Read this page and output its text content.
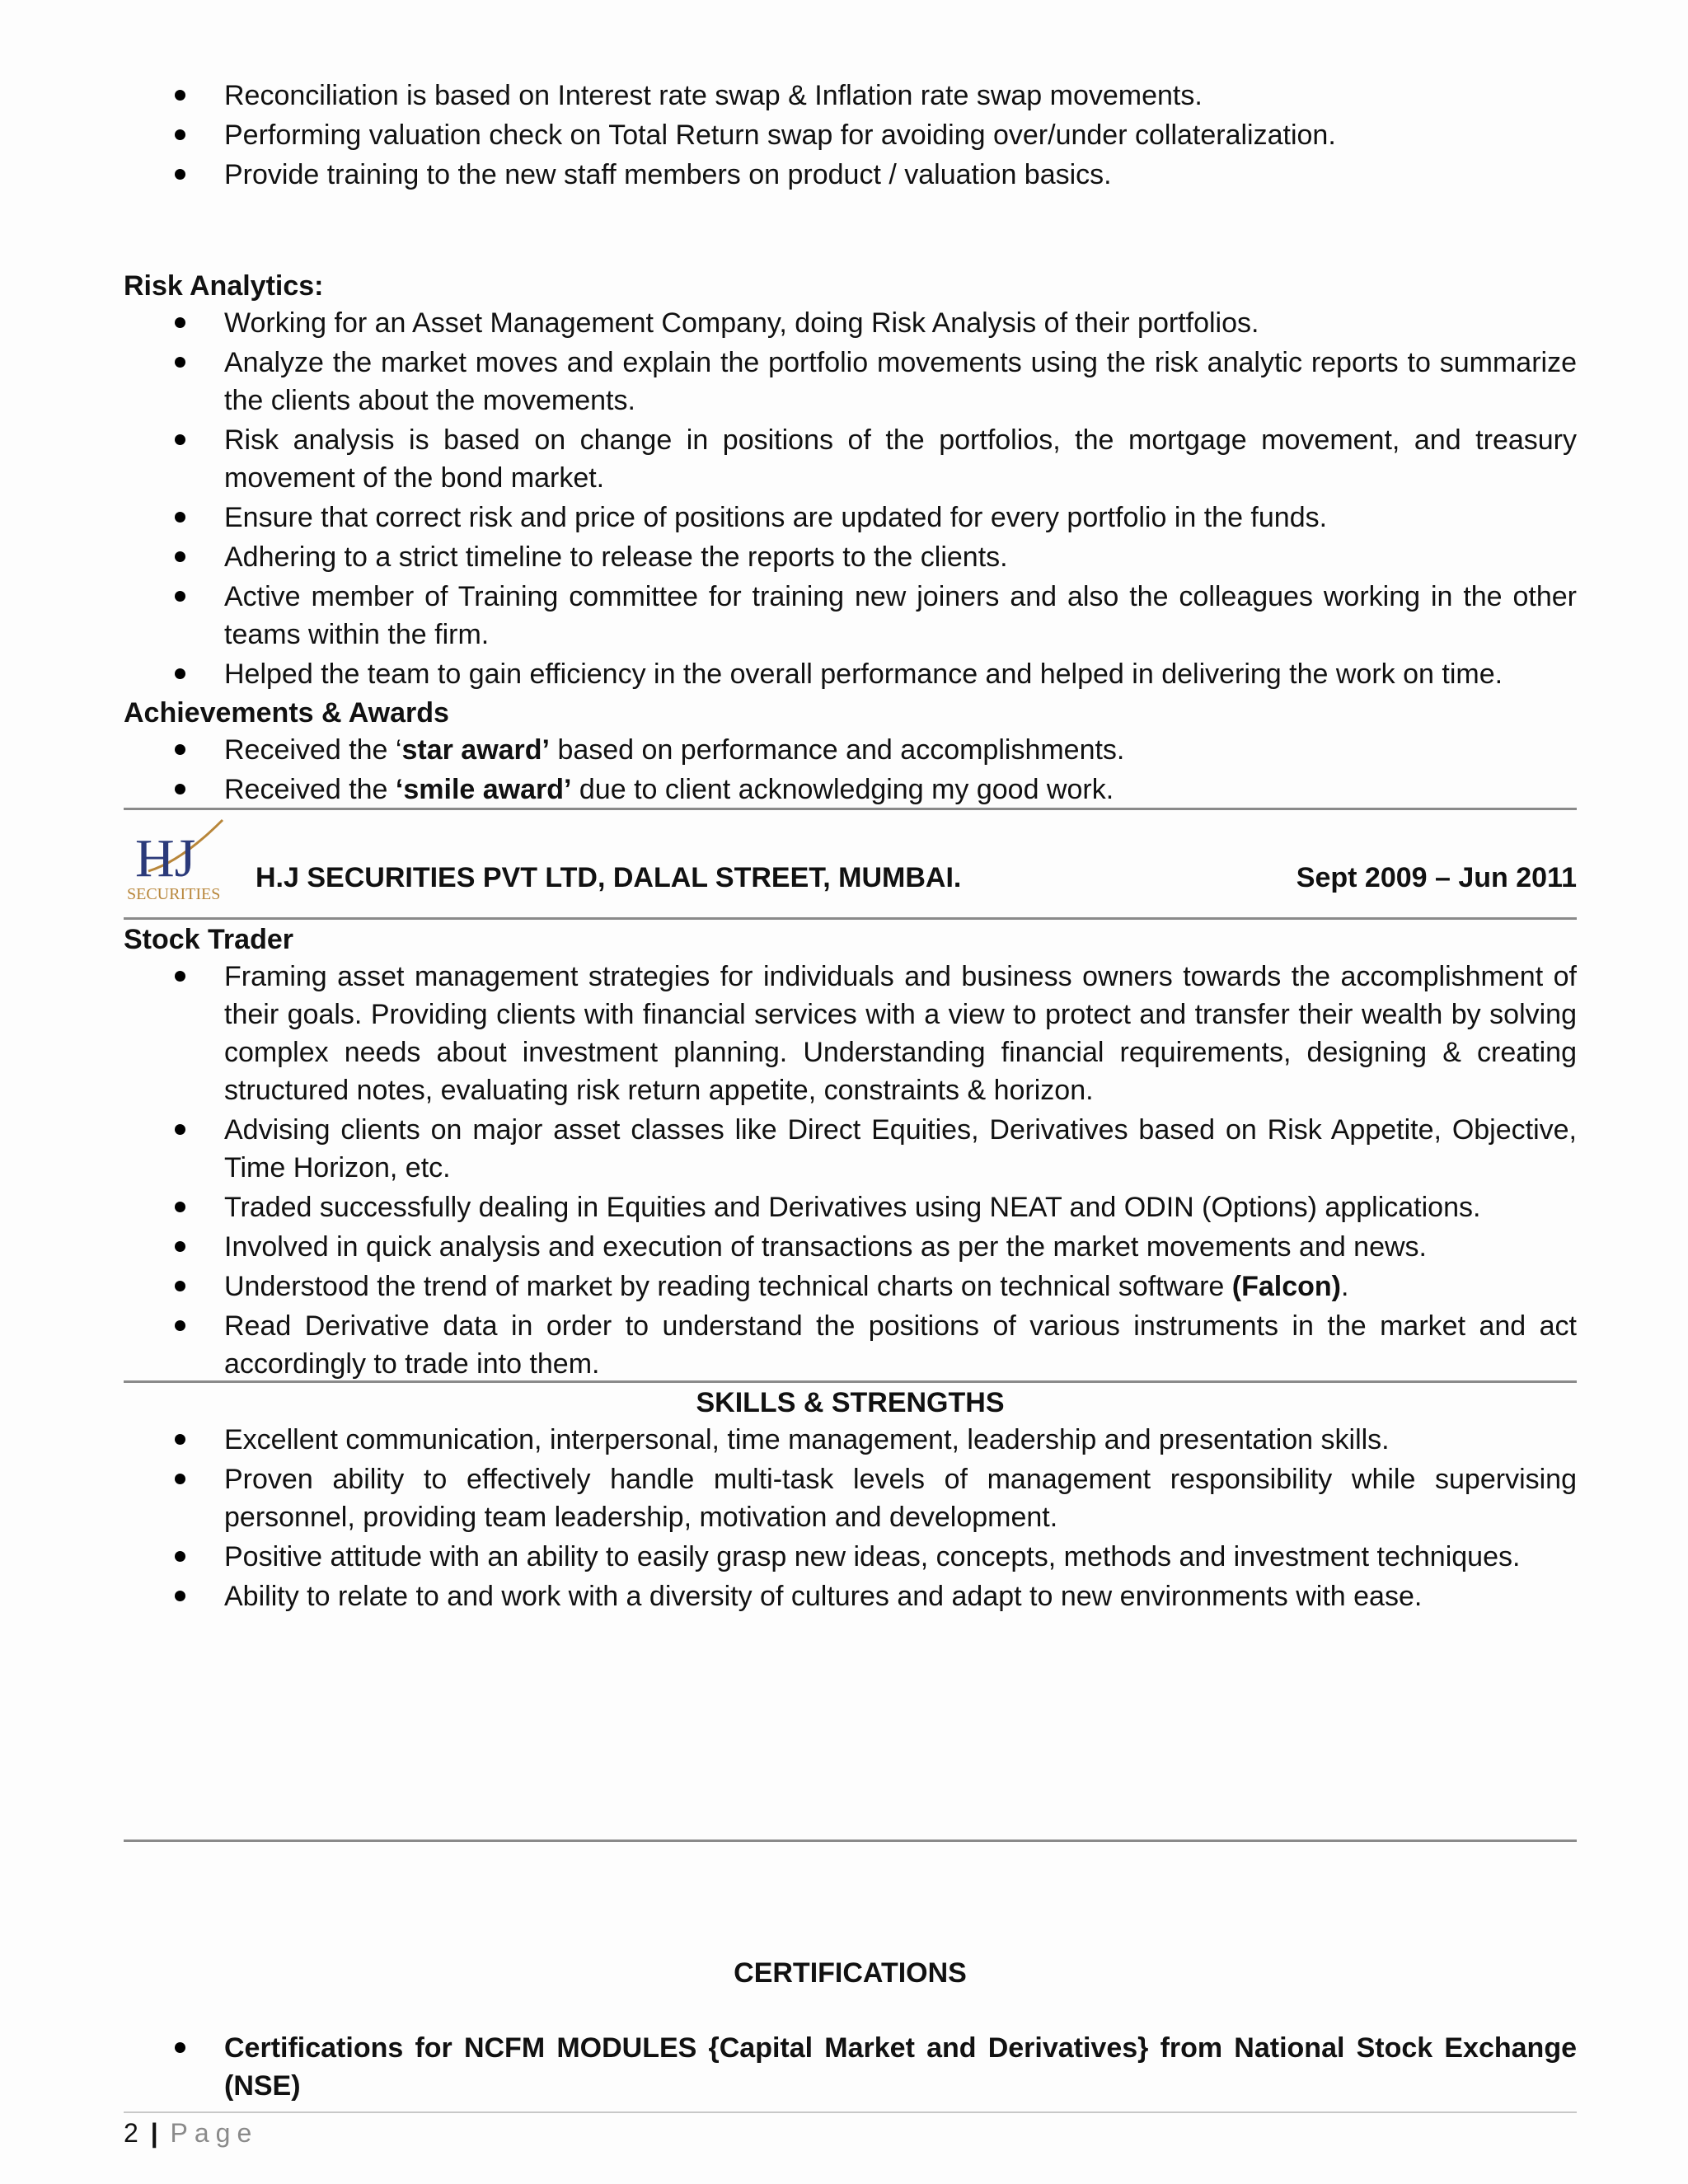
Reconciliation is based on Interest rate swap & Inflation rate swap movements.
Performing valuation check on Total Return swap for avoiding over/under collateralization.
Provide training to the new staff members on product / valuation basics.
Risk Analytics:
Working for an Asset Management Company, doing Risk Analysis of their portfolios.
Analyze the market moves and explain the portfolio movements using the risk analytic reports to summarize the clients about the movements.
Risk analysis is based on change in positions of the portfolios, the mortgage movement, and treasury movement of the bond market.
Ensure that correct risk and price of positions are updated for every portfolio in the funds.
Adhering to a strict timeline to release the reports to the clients.
Active member of Training committee for training new joiners and also the colleagues working in the other teams within the firm.
Helped the team to gain efficiency in the overall performance and helped in delivering the work on time.
Achievements & Awards
Received the ‘star award’ based on performance and accomplishments.
Received the ‘smile award’ due to client acknowledging my good work.
HJ
SECURITIES
H.J SECURITIES PVT LTD, DALAL STREET, MUMBAI.	Sept 2009 – Jun 2011
Stock Trader
Framing asset management strategies for individuals and business owners towards the accomplishment of their goals. Providing clients with financial services with a view to protect and transfer their wealth by solving complex needs about investment planning. Understanding financial requirements, designing & creating structured notes, evaluating risk return appetite, constraints & horizon.
Advising clients on major asset classes like Direct Equities, Derivatives based on Risk Appetite, Objective, Time Horizon, etc.
Traded successfully dealing in Equities and Derivatives using NEAT and ODIN (Options) applications.
Involved in quick analysis and execution of transactions as per the market movements and news.
Understood the trend of market by reading technical charts on technical software (Falcon).
Read Derivative data in order to understand the positions of various instruments in the market and act accordingly to trade into them.
SKILLS & STRENGTHS
Excellent communication, interpersonal, time management, leadership and presentation skills.
Proven ability to effectively handle multi-task levels of management responsibility while supervising personnel, providing team leadership, motivation and development.
Positive attitude with an ability to easily grasp new ideas, concepts, methods and investment techniques.
Ability to relate to and work with a diversity of cultures and adapt to new environments with ease.
CERTIFICATIONS
Certifications for NCFM MODULES {Capital Market and Derivatives} from National Stock Exchange (NSE)
2 | Page
